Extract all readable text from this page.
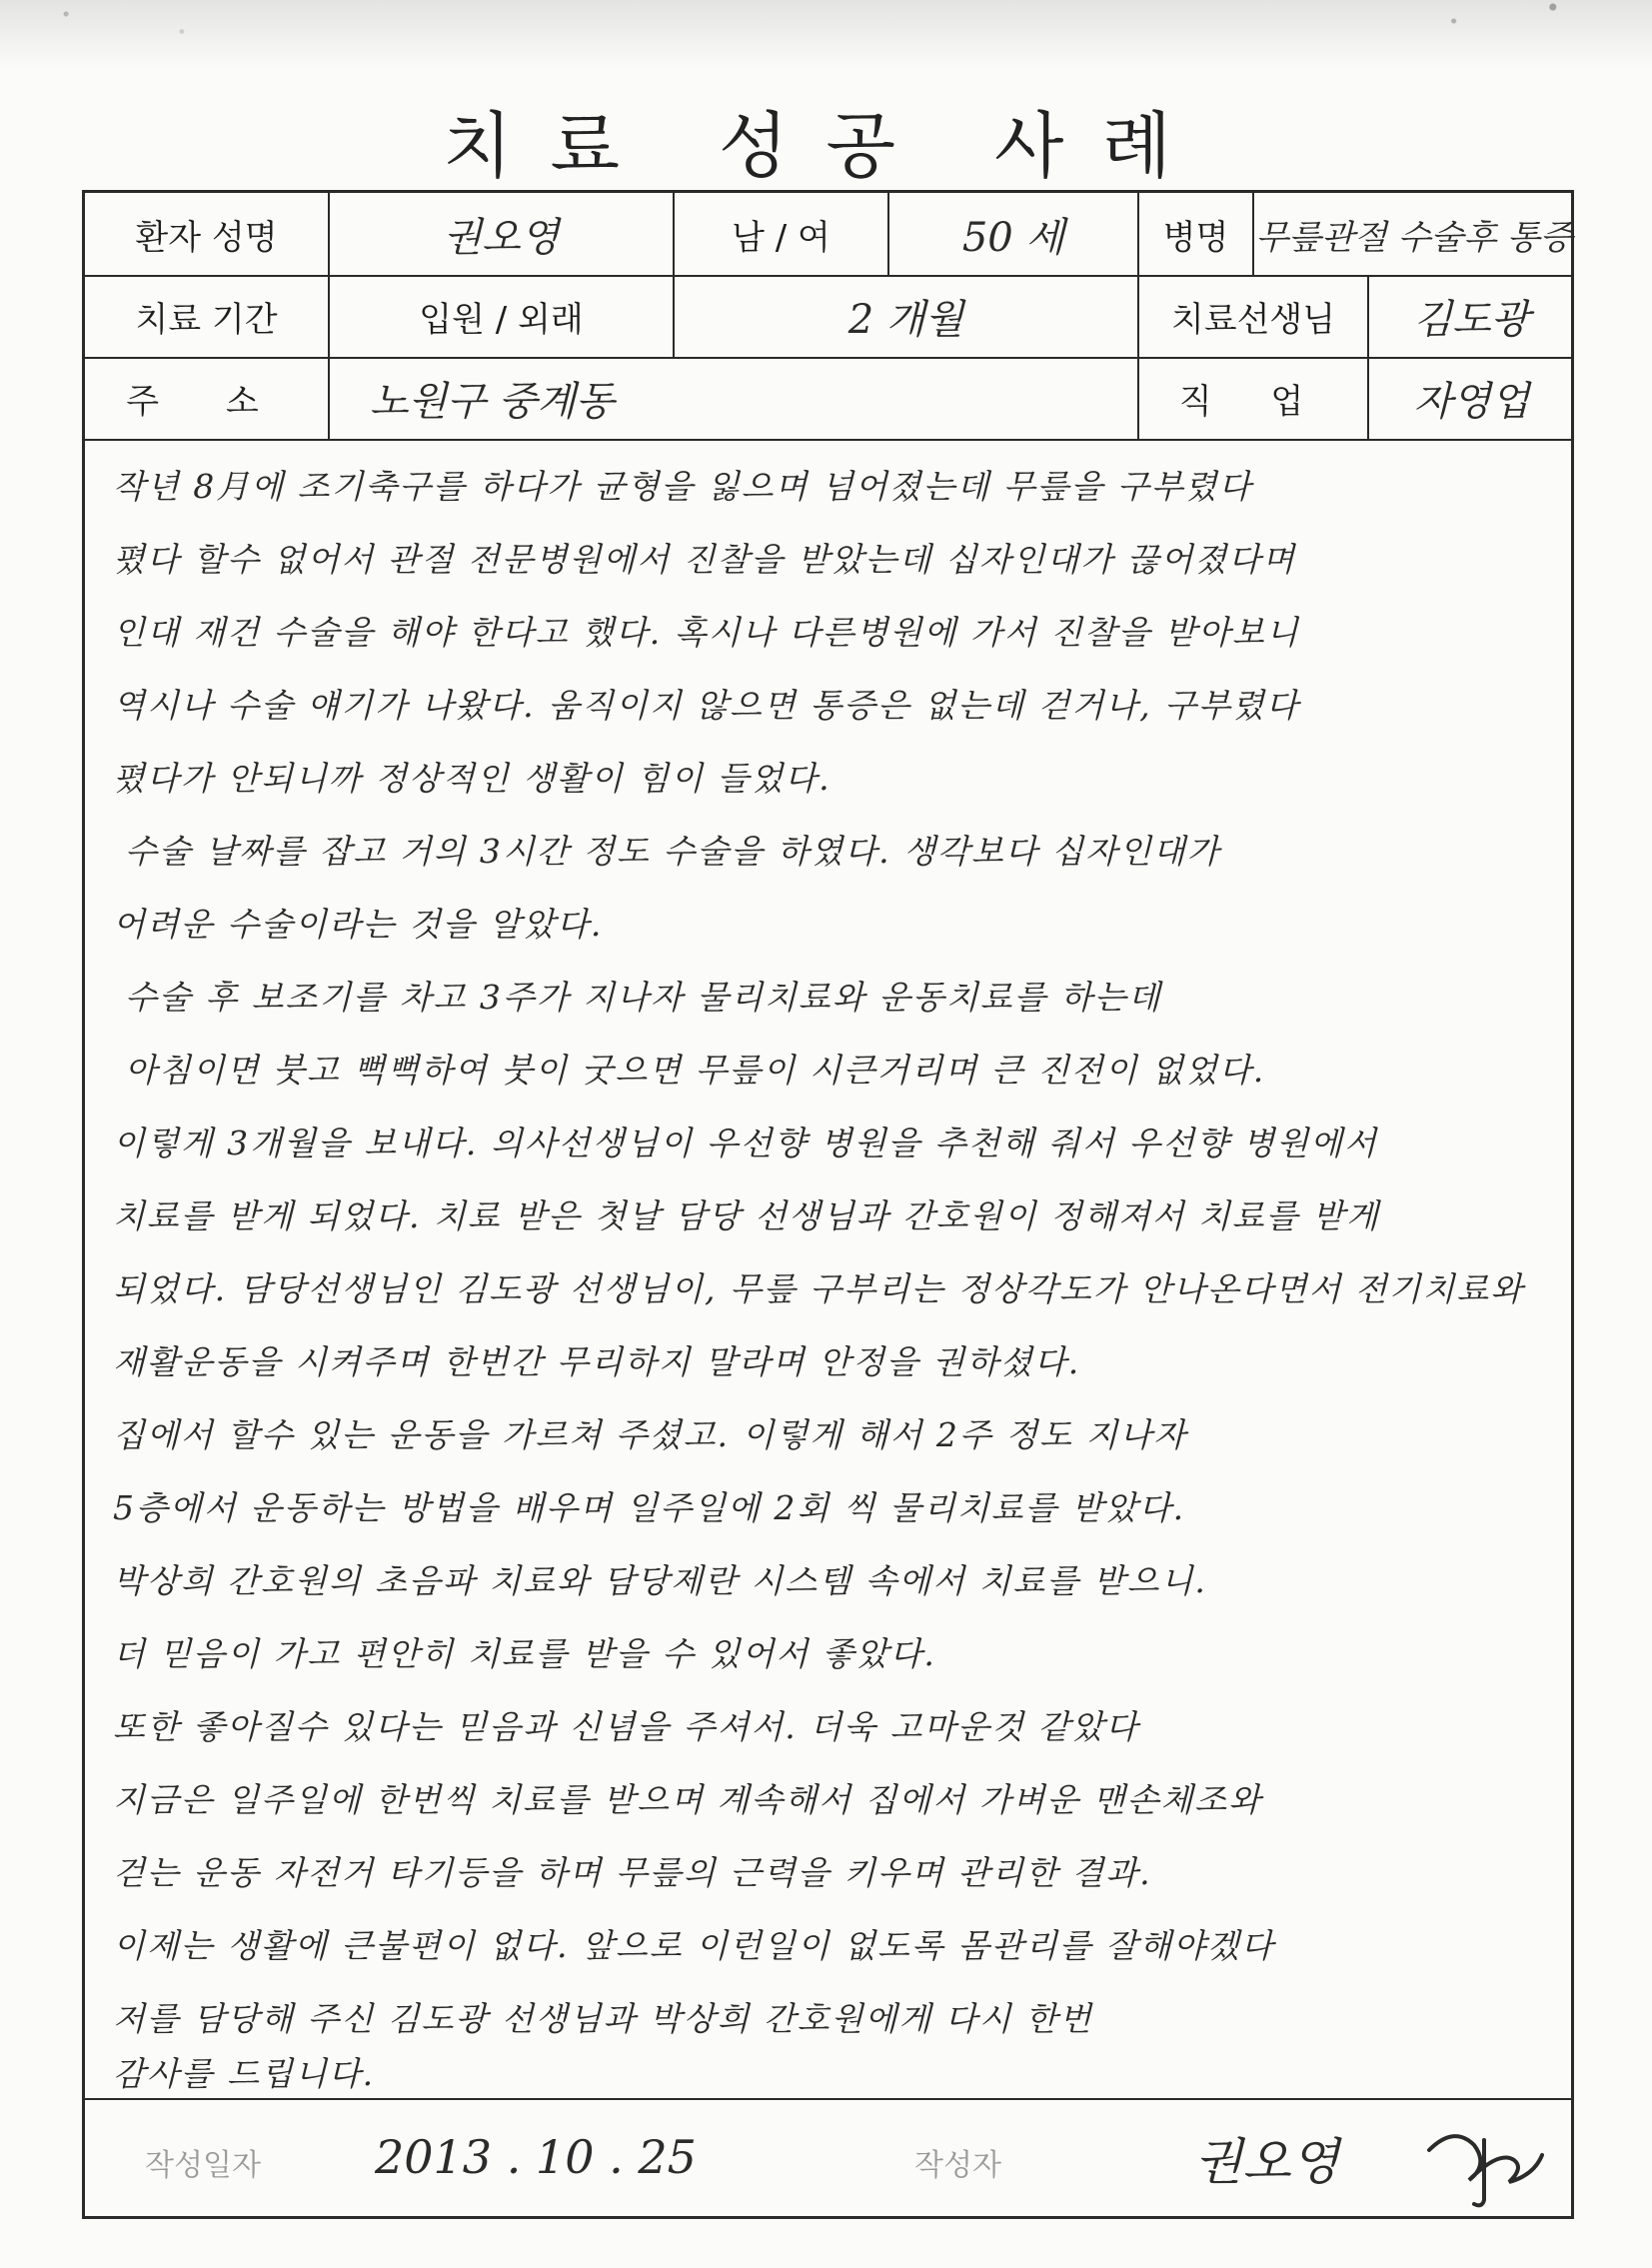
치료 성공 사례
환자 성명	권오영	남 / 여	50 세	병명 무릎관절 수술후 통증
치료 기간	입원 / 외래	2 개월	치료선생님	김도광
주 소	노원구 중계동	직 업	자영업
작년 8月에 조기축구를 하다가 균형을 잃으며 넘어졌는데 무릎을 구부렸다
폈다 할수 없어서 관절 전문병원에서 진찰을 받았는데 십자인대가 끊어졌다며
인대 재건 수술을 해야 한다고 했다. 혹시나 다른병원에 가서 진찰을 받아보니
역시나 수술 얘기가 나왔다. 움직이지 않으면 통증은 없는데 걷거나, 구부렸다
폈다가 안되니까 정상적인 생활이 힘이 들었다.
수술 날짜를 잡고 거의 3시간 정도 수술을 하였다. 생각보다 십자인대가
어려운 수술이라는 것을 알았다.
수술 후 보조기를 차고 3주가 지나자 물리치료와 운동치료를 하는데
아침이면 붓고 뻑뻑하여 붓이 굿으면 무릎이 시큰거리며 큰 진전이 없었다.
이렇게 3개월을 보내다. 의사선생님이 우선향 병원을 추천해 줘서 우선향 병원에서
치료를 받게 되었다. 치료 받은 첫날 담당 선생님과 간호원이 정해져서 치료를 받게
되었다. 담당선생님인 김도광 선생님이, 무릎 구부리는 정상각도가 안나온다면서 전기치료와
재활운동을 시켜주며 한번간 무리하지 말라며 안정을 권하셨다.
집에서 할수 있는 운동을 가르쳐 주셨고. 이렇게 해서 2주 정도 지나자
5층에서 운동하는 방법을 배우며 일주일에 2회 씩 물리치료를 받았다.
박상희 간호원의 초음파 치료와 담당제란 시스템 속에서 치료를 받으니.
더 믿음이 가고 편안히 치료를 받을 수 있어서 좋았다.
또한 좋아질수 있다는 믿음과 신념을 주셔서. 더욱 고마운것 같았다
지금은 일주일에 한번씩 치료를 받으며 계속해서 집에서 가벼운 맨손체조와
걷는 운동 자전거 타기등을 하며 무릎의 근력을 키우며 관리한 결과.
이제는 생활에 큰불편이 없다. 앞으로 이런일이 없도록 몸관리를 잘해야겠다
저를 담당해 주신 김도광 선생님과 박상희 간호원에게 다시 한번
감사를 드립니다.
작성일자 2013 . 10 . 25	작성자	권오영
